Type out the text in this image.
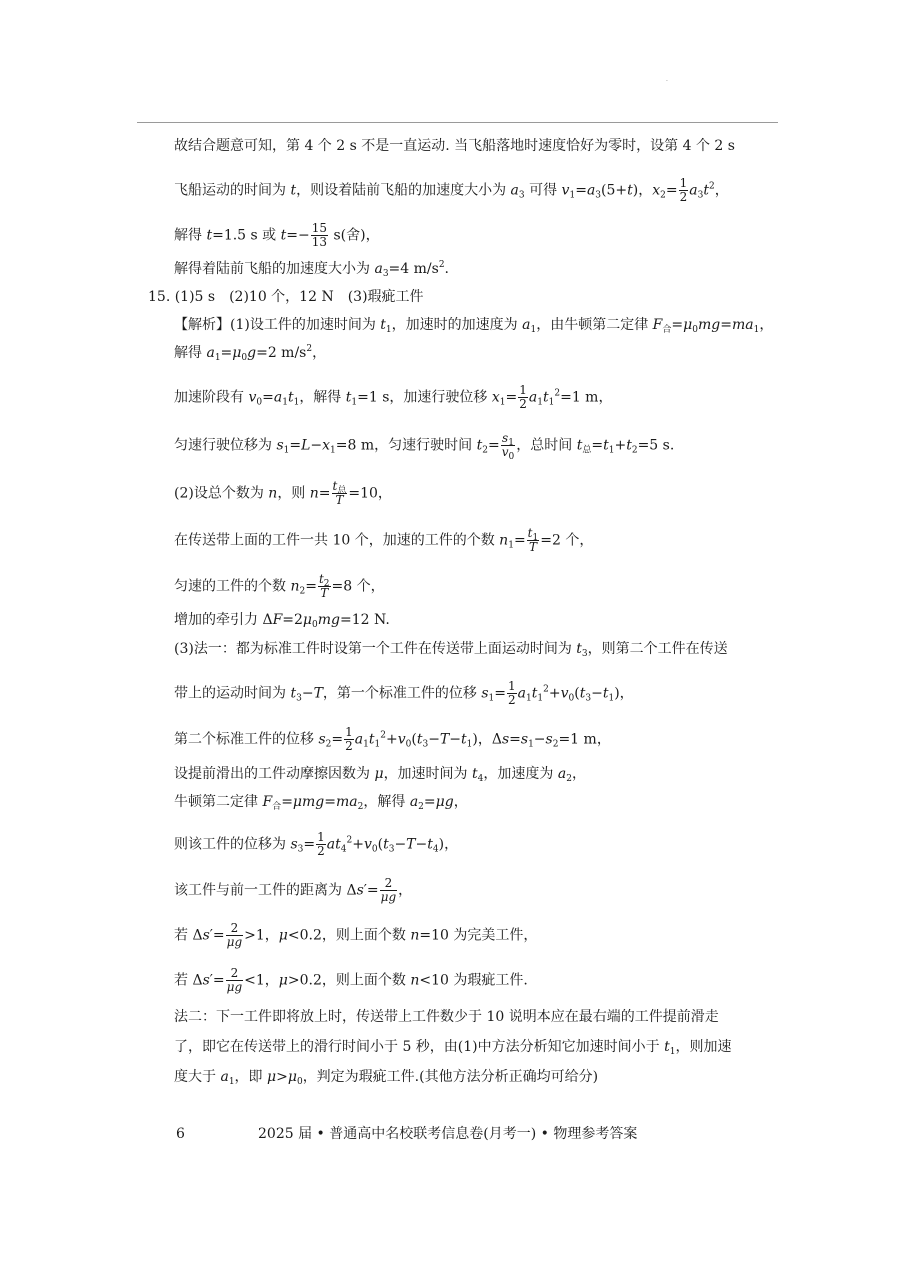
.
故结合题意可知，第 4 个 2 s 不是一直运动. 当飞船落地时速度恰好为零时，设第 4 个 2 s
飞船运动的时间为 t，则设着陆前飞船的加速度大小为 $a_3$ 可得 $v_1=a_3(5+t)$，$x_2= \frac{1}{2} a_3t^2$，
解得 t=1.5 s 或 $t=- \frac{15}{13} s$(舍)，
解得着陆前飞船的加速度大小为 $a_3=4$ $m/s^2$.
15. (1)5 s　(2)10 个，12 N　(3)瑕疵工件
【解析】(1)设工件的加速时间为 $t_1$，加速时的加速度为 $a_1$，由牛顿第二定律 $F_合=\mu_0mg=ma_1$，
解得 $a_1=\mu_0g=2$ $m/s^2$，
加速阶段有 $v_0=a_1t_1$，解得 $t_1=1$ s，加速行驶位移 $x_1= \frac{1}{2} a_1t_1^2=1$ m，
匀速行驶位移为 $s_1=L-x_1=8$ m，匀速行驶时间 $t_2= \frac{s_1}{v_0}$ ，总时间 $t_总=t_1+t_2=5$ s.
(2)设总个数为 n，则 $n= \frac{t_总}{T} =10$，
在传送带上面的工件一共 10 个，加速的工件的个数 $n_1= \frac{t_1}{T} =2$ 个，
匀速的工件的个数 $n_2= \frac{t_2}{T} =8$ 个，
增加的牵引力 $\Delta F=2\mu_0mg=12$ N.
(3)法一：都为标准工件时设第一个工件在传送带上面运动时间为 $t_3$，则第二个工件在传送
带上的运动时间为 $t_3-T$，第一个标准工件的位移 $s_1= \frac{1}{2} a_1t_1^2+v_0(t_3-t_1)$，
第二个标准工件的位移 $s_2= \frac{1}{2} a_1t_1^2+v_0(t_3-T-t_1)$，$\Delta s=s_1-s_2=1$ m，
设提前滑出的工件动摩擦因数为 μ，加速时间为 $t_4$，加速度为 $a_2$，
牛顿第二定律 $F_合=\mu mg=ma_2$，解得 $a_2=\mu g$，
则该工件的位移为 $s_3= \frac{1}{2} at_4^2+v_0(t_3-T-t_4)$，
该工件与前一工件的距离为 $\Delta s'= \frac{2}{\mu g}$ ，
若 $\Delta s'= \frac{2}{\mu g} >1$，μ<0.2，则上面个数 n=10 为完美工件，
若 $\Delta s'= \frac{2}{\mu g} <1$，μ>0.2，则上面个数 n<10 为瑕疵工件.
法二：下一工件即将放上时，传送带上工件数少于 10 说明本应在最右端的工件提前滑走
了，即它在传送带上的滑行时间小于 5 秒，由(1)中方法分析知它加速时间小于 $t_1$，则加速
度大于 $a_1$，即 $\mu>\mu_0$，判定为瑕疵工件.(其他方法分析正确均可给分)
6	2025 届 • 普通高中名校联考信息卷(月考一) • 物理参考答案
